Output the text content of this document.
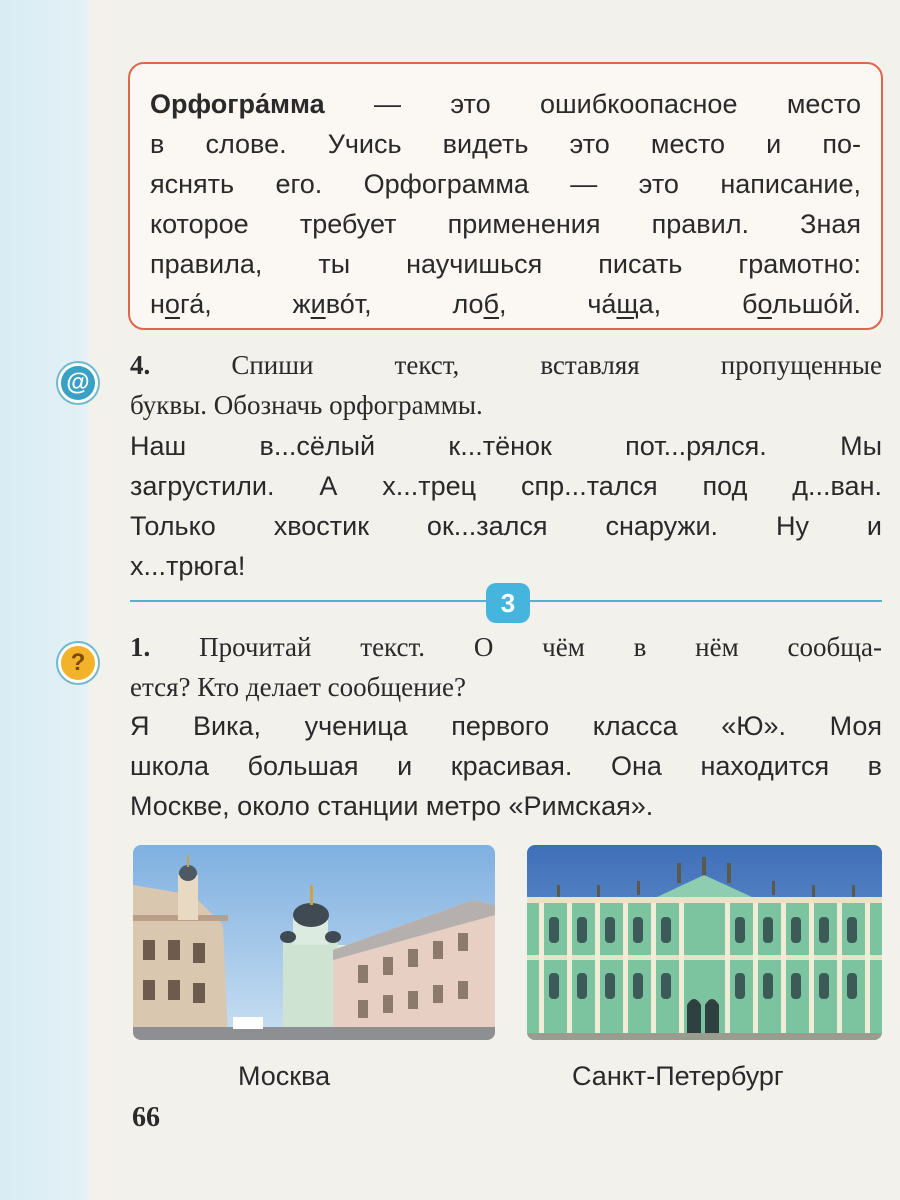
Орфогра́мма — это ошибкоопасное место
в слове. Учись видеть это место и по-
яснять его. Орфограмма — это написание,
которое требует применения правил. Зная
правила, ты научишься писать грамотно:
нога́,  живо́т,  лоб,  ча́ща,  большо́й.
@

4. Спиши текст, вставляя пропущенные

буквы. Обозначь орфограммы.

Наш в...сёлый к...тёнок пот...рялся. Мы
загрустили. А х...трец спр...тался под д...ван.
Только хвостик ок...зался снаружи. Ну и
х...трюга!
3
?

1. Прочитай текст. О чём в нём сообща-

ется? Кто делает сообщение?

Я Вика, ученица первого класса «Ю». Моя
школа большая и красивая. Она находится в
Москве, около станции метро «Римская».
Москва	Санкт-Петербург
66
